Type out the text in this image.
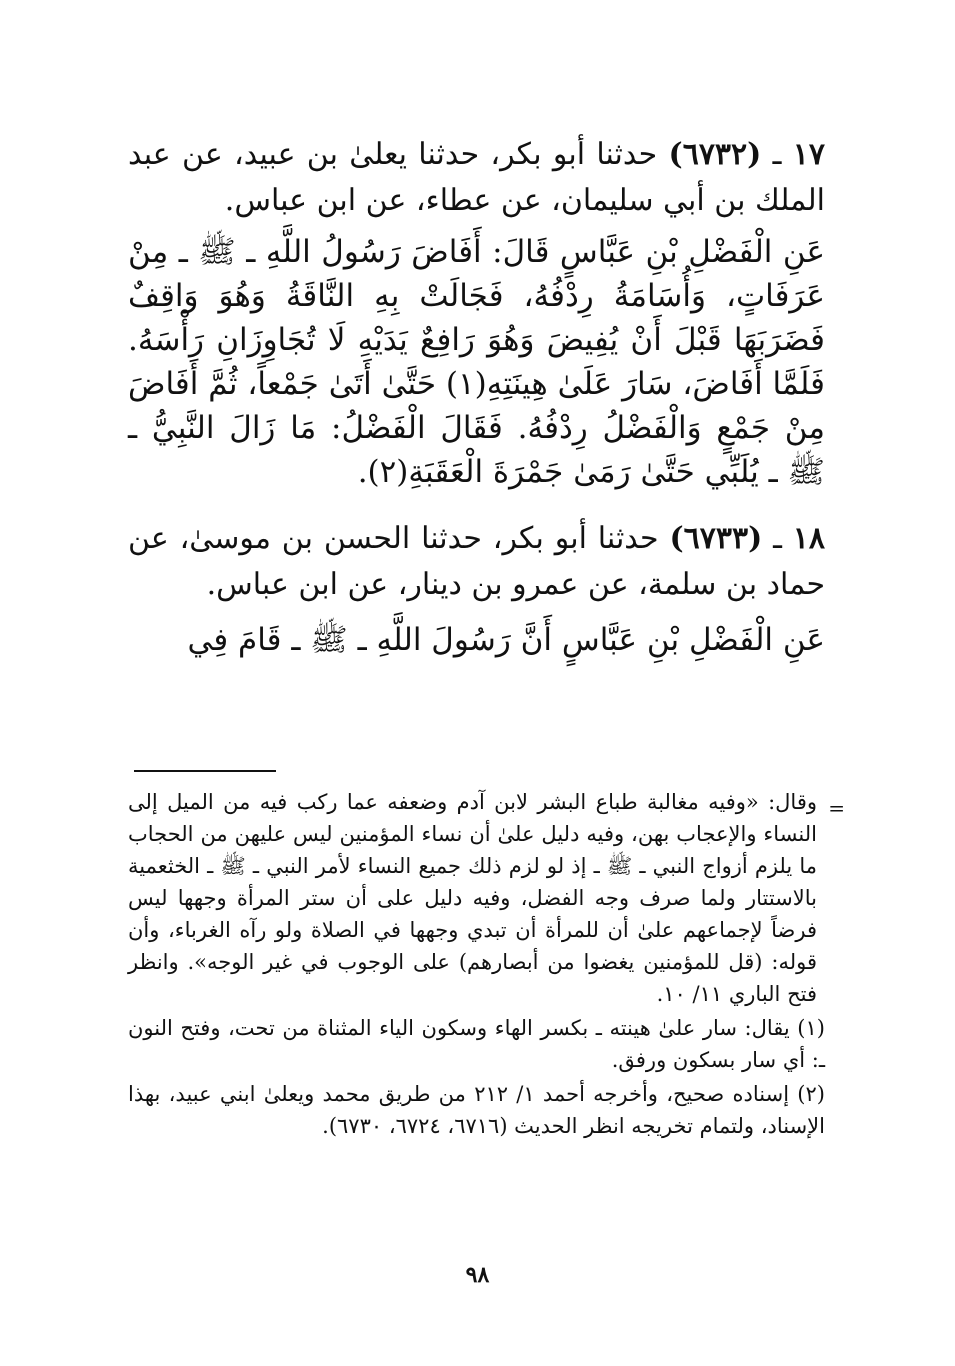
١٧ ـ (٦٧٣٢) حدثنا أبو بكر، حدثنا يعلىٰ بن عبيد، عن عبد الملك بن أبي سليمان، عن عطاء، عن ابن عباس.

عَنِ الْفَضْلِ بْنِ عَبَّاسٍ قَالَ: أَفَاضَ رَسُولُ اللَّهِ ـ ﷺ ـ مِنْ عَرَفَاتٍ، وَأُسَامَةُ رِدْفُهُ، فَجَالَتْ بِهِ النَّاقَةُ وَهُوَ وَاقِفٌ فَضَرَبَهَا قَبْلَ أَنْ يُفِيضَ وَهُوَ رَافِعٌ يَدَيْهِ لَا تُجَاوِزَانِ رَأْسَهُ. فَلَمَّا أَفَاضَ، سَارَ عَلَىٰ هِينَتِهِ(١) حَتَّىٰ أَتَىٰ جَمْعاً، ثُمَّ أَفَاضَ مِنْ جَمْعٍ وَالْفَضْلُ رِدْفُهُ. فَقَالَ الْفَضْلُ: مَا زَالَ النَّبِيُّ ـ ﷺ ـ يُلَبِّي حَتَّىٰ رَمَىٰ جَمْرَةَ الْعَقَبَةِ(٢).

١٨ ـ (٦٧٣٣) حدثنا أبو بكر، حدثنا الحسن بن موسىٰ، عن حماد بن سلمة، عن عمرو بن دينار، عن ابن عباس.

عَنِ الْفَضْلِ بْنِ عَبَّاسٍ أَنَّ رَسُولَ اللَّهِ ـ ﷺ ـ قَامَ فِي

=

وقال: «وفيه مغالبة طباع البشر لابن آدم وضعفه عما ركب فيه من الميل إلى النساء والإعجاب بهن، وفيه دليل علىٰ أن نساء المؤمنين ليس عليهن من الحجاب ما يلزم أزواج النبي ـ ﷺ ـ إذ لو لزم ذلك جميع النساء لأمر النبي ـ ﷺ ـ الخثعمية بالاستتار ولما صرف وجه الفضل، وفيه دليل على أن ستر المرأة وجهها ليس فرضاً لإجماعهم علىٰ أن للمرأة أن تبدي وجهها في الصلاة ولو رآه الغرباء، وأن قوله: (قل للمؤمنين يغضوا من أبصارهم) على الوجوب في غير الوجه». وانظر فتح الباري ١١/ ١٠.

(١) يقال: سار علىٰ هينته ـ بكسر الهاء وسكون الياء المثناة من تحت، وفتح النون ـ: أي سار بسكون ورفق.

(٢) إسناده صحيح، وأخرجه أحمد ١/ ٢١٢ من طريق محمد ويعلىٰ ابني عبيد، بهذا الإسناد، ولتمام تخريجه انظر الحديث (٦٧١٦، ٦٧٢٤، ٦٧٣٠).

٩٨
